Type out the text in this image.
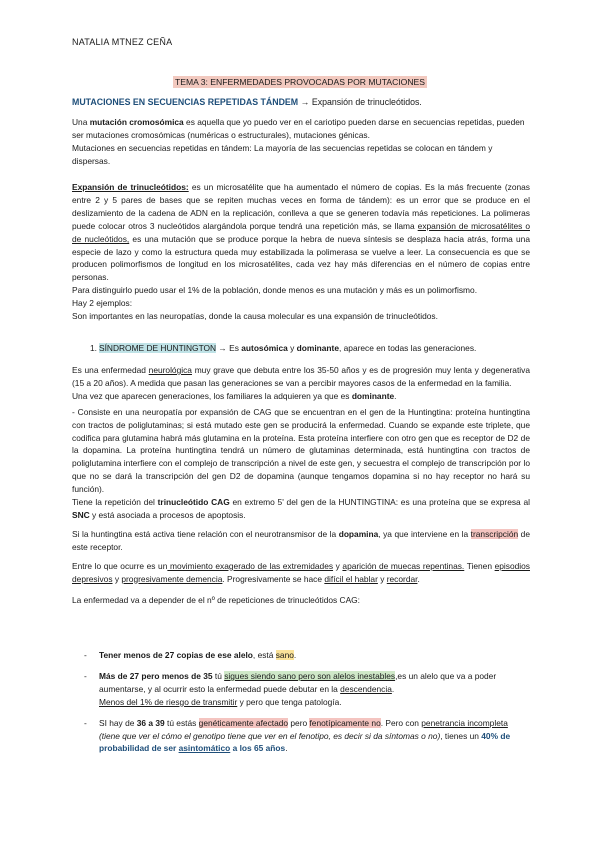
NATALIA MTNEZ CEÑA
TEMA 3: ENFERMEDADES PROVOCADAS POR MUTACIONES
MUTACIONES EN SECUENCIAS REPETIDAS TÁNDEM → Expansión de trinucleótidos.

Una mutación cromosómica es aquella que yo puedo ver en el cariotipo pueden darse en secuencias repetidas, pueden ser mutaciones cromosómicas (numéricas o estructurales), mutaciones génicas.

Mutaciones en secuencias repetidas en tándem: La mayoría de las secuencias repetidas se colocan en tándem y dispersas.

Expansión de trinucleótidos: es un microsatélite que ha aumentado el número de copias. Es la más frecuente (zonas entre 2 y 5 pares de bases que se repiten muchas veces en forma de tándem): es un error que se produce en el deslizamiento de la cadena de ADN en la replicación, conlleva a que se generen todavía más repeticiones. La polimeras puede colocar otros 3 nucleótidos alargándola porque tendrá una repetición más, se llama expansión de microsatélites o de nucleótidos, es una mutación que se produce porque la hebra de nueva síntesis se desplaza hacia atrás, forma una especie de lazo y como la estructura queda muy estabilizada la polimerasa se vuelve a leer. La consecuencia es que se producen polimorfismos de longitud en los microsatélites, cada vez hay más diferencias en el número de copias entre personas.

Para distinguirlo puedo usar el 1% de la población, donde menos es una mutación y más es un polimorfismo.

Hay 2 ejemplos:

Son importantes en las neuropatías, donde la causa molecular es una expansión de trinucleótidos.

1. SÍNDROME DE HUNTINGTON → Es autosómica y dominante, aparece en todas las generaciones.

Es una enfermedad neurológica muy grave que debuta entre los 35-50 años y es de progresión muy lenta y degenerativa (15 a 20 años). A medida que pasan las generaciones se van a percibir mayores casos de la enfermedad en la familia.

Una vez que aparecen generaciones, los familiares la adquieren ya que es dominante.

- Consiste en una neuropatía por expansión de CAG que se encuentran en el gen de la Huntingtina: proteína huntingtina con tractos de poliglutaminas; si está mutado este gen se producirá la enfermedad. Cuando se expande este triplete, que codifica para glutamina habrá más glutamina en la proteína. Esta proteína interfiere con otro gen que es receptor de D2 de la dopamina. La proteína huntingtina tendrá un número de glutaminas determinada, está huntingtina con tractos de poliglutamina interfiere con el complejo de transcripción a nivel de este gen, y secuestra el complejo de transcripción por lo que no se dará la transcripción del gen D2 de dopamina (aunque tengamos dopamina si no hay receptor no hará su función).

Tiene la repetición del trinucleótido CAG en extremo 5' del gen de la HUNTINGTINA: es una proteína que se expresa al SNC y está asociada a procesos de apoptosis.

Si la huntingtina está activa tiene relación con el neurotransmisor de la dopamina, ya que interviene en la transcripción de este receptor.

Entre lo que ocurre es un movimiento exagerado de las extremidades y aparición de muecas repentinas. Tienen episodios depresivos y progresivamente demencia. Progresivamente se hace difícil el hablar y recordar.

La enfermedad va a depender de el nº de repeticiones de trinucleótidos CAG:

- Tener menos de 27 copias de ese alelo, está sano.
- Más de 27 pero menos de 35 tú sigues siendo sano pero son alelos inestables,es un alelo que va a poder aumentarse, y al ocurrir esto la enfermedad puede debutar en la descendencia.
Menos del 1% de riesgo de transmitir y pero que tenga patología.
- SI hay de 36 a 39 tú estás genéticamente afectado pero fenotípicamente no. Pero con penetrancia incompleta (tiene que ver el cómo el genotipo tiene que ver en el fenotipo, es decir si da síntomas o no), tienes un 40% de probabilidad de ser asintomático a los 65 años.
